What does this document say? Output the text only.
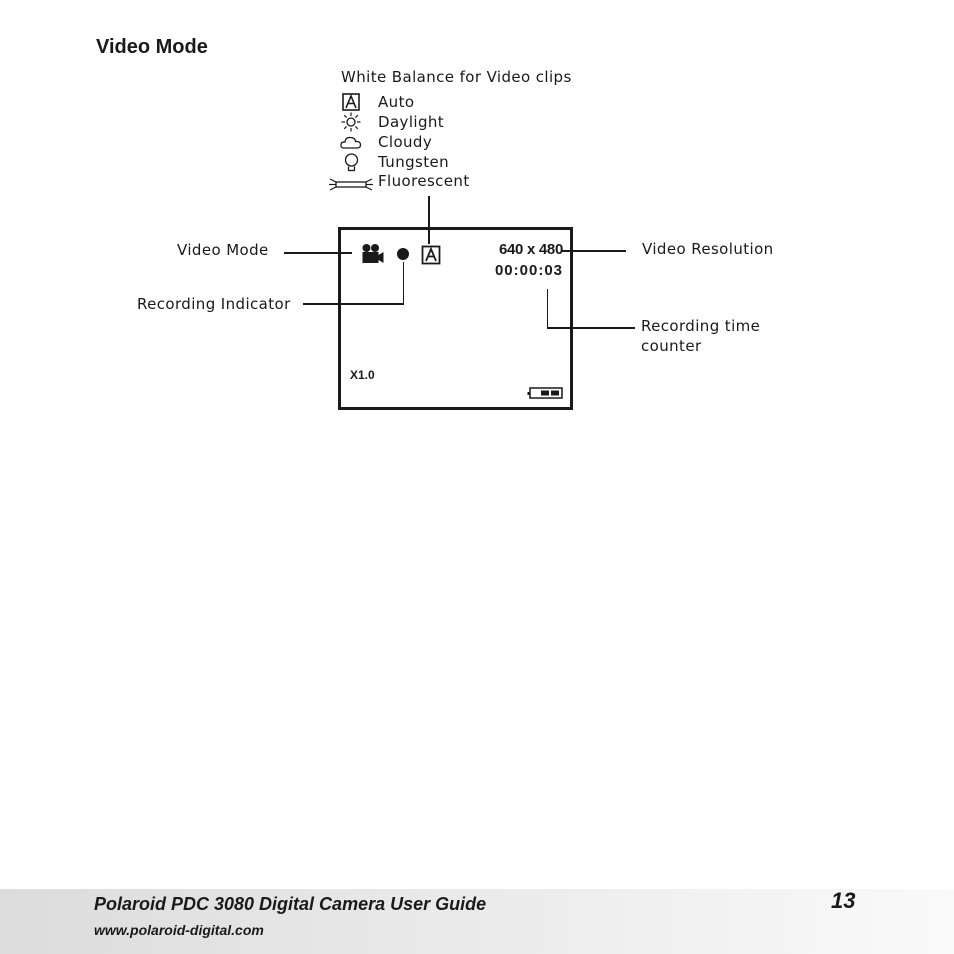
Video Mode
White Balance for Video clips
Auto
Daylight
Cloudy
Tungsten
Fluorescent
Video Mode
Recording Indicator
Video Resolution
Recording time
counter
640 x 480
00:00:03
X1.0
Polaroid PDC 3080 Digital Camera User Guide
www.polaroid-digital.com
13
